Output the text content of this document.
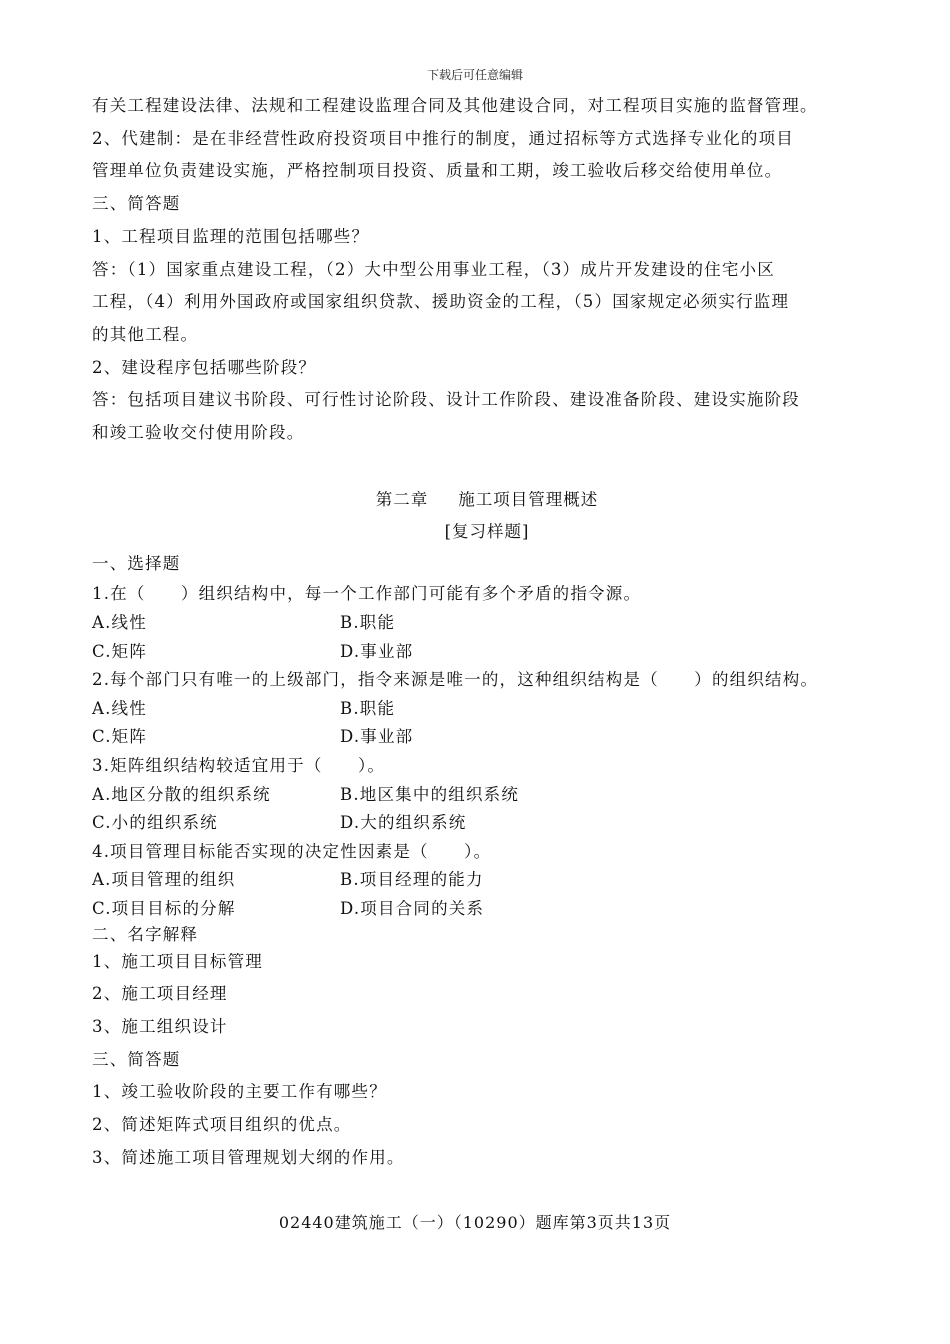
下载后可任意编辑
有关工程建设法律、法规和工程建设监理合同及其他建设合同，对工程项目实施的监督管理。
2、代建制：是在非经营性政府投资项目中推行的制度，通过招标等方式选择专业化的项目
管理单位负责建设实施，严格控制项目投资、质量和工期，竣工验收后移交给使用单位。
三、简答题
1、工程项目监理的范围包括哪些？
答：（1）国家重点建设工程，（2）大中型公用事业工程，（3）成片开发建设的住宅小区
工程，（4）利用外国政府或国家组织贷款、援助资金的工程，（5）国家规定必须实行监理
的其他工程。
2、建设程序包括哪些阶段？
答：包括项目建议书阶段、可行性讨论阶段、设计工作阶段、建设准备阶段、建设实施阶段
和竣工验收交付使用阶段。
第二章 施工项目管理概述
[复习样题]
一、选择题
1.在（　　）组织结构中，每一个工作部门可能有多个矛盾的指令源。
A.线性	B.职能
C.矩阵	D.事业部
2.每个部门只有唯一的上级部门，指令来源是唯一的，这种组织结构是（　　）的组织结构。
A.线性	B.职能
C.矩阵	D.事业部
3.矩阵组织结构较适宜用于（　　）。
A.地区分散的组织系统	B.地区集中的组织系统
C.小的组织系统	D.大的组织系统
4.项目管理目标能否实现的决定性因素是（　　）。
A.项目管理的组织	B.项目经理的能力
C.项目目标的分解	D.项目合同的关系
二、名字解释
1、施工项目目标管理
2、施工项目经理
3、施工组织设计
三、简答题
1、竣工验收阶段的主要工作有哪些？
2、简述矩阵式项目组织的优点。
3、简述施工项目管理规划大纲的作用。
02440建筑施工（一）（10290）题库第3页共13页
